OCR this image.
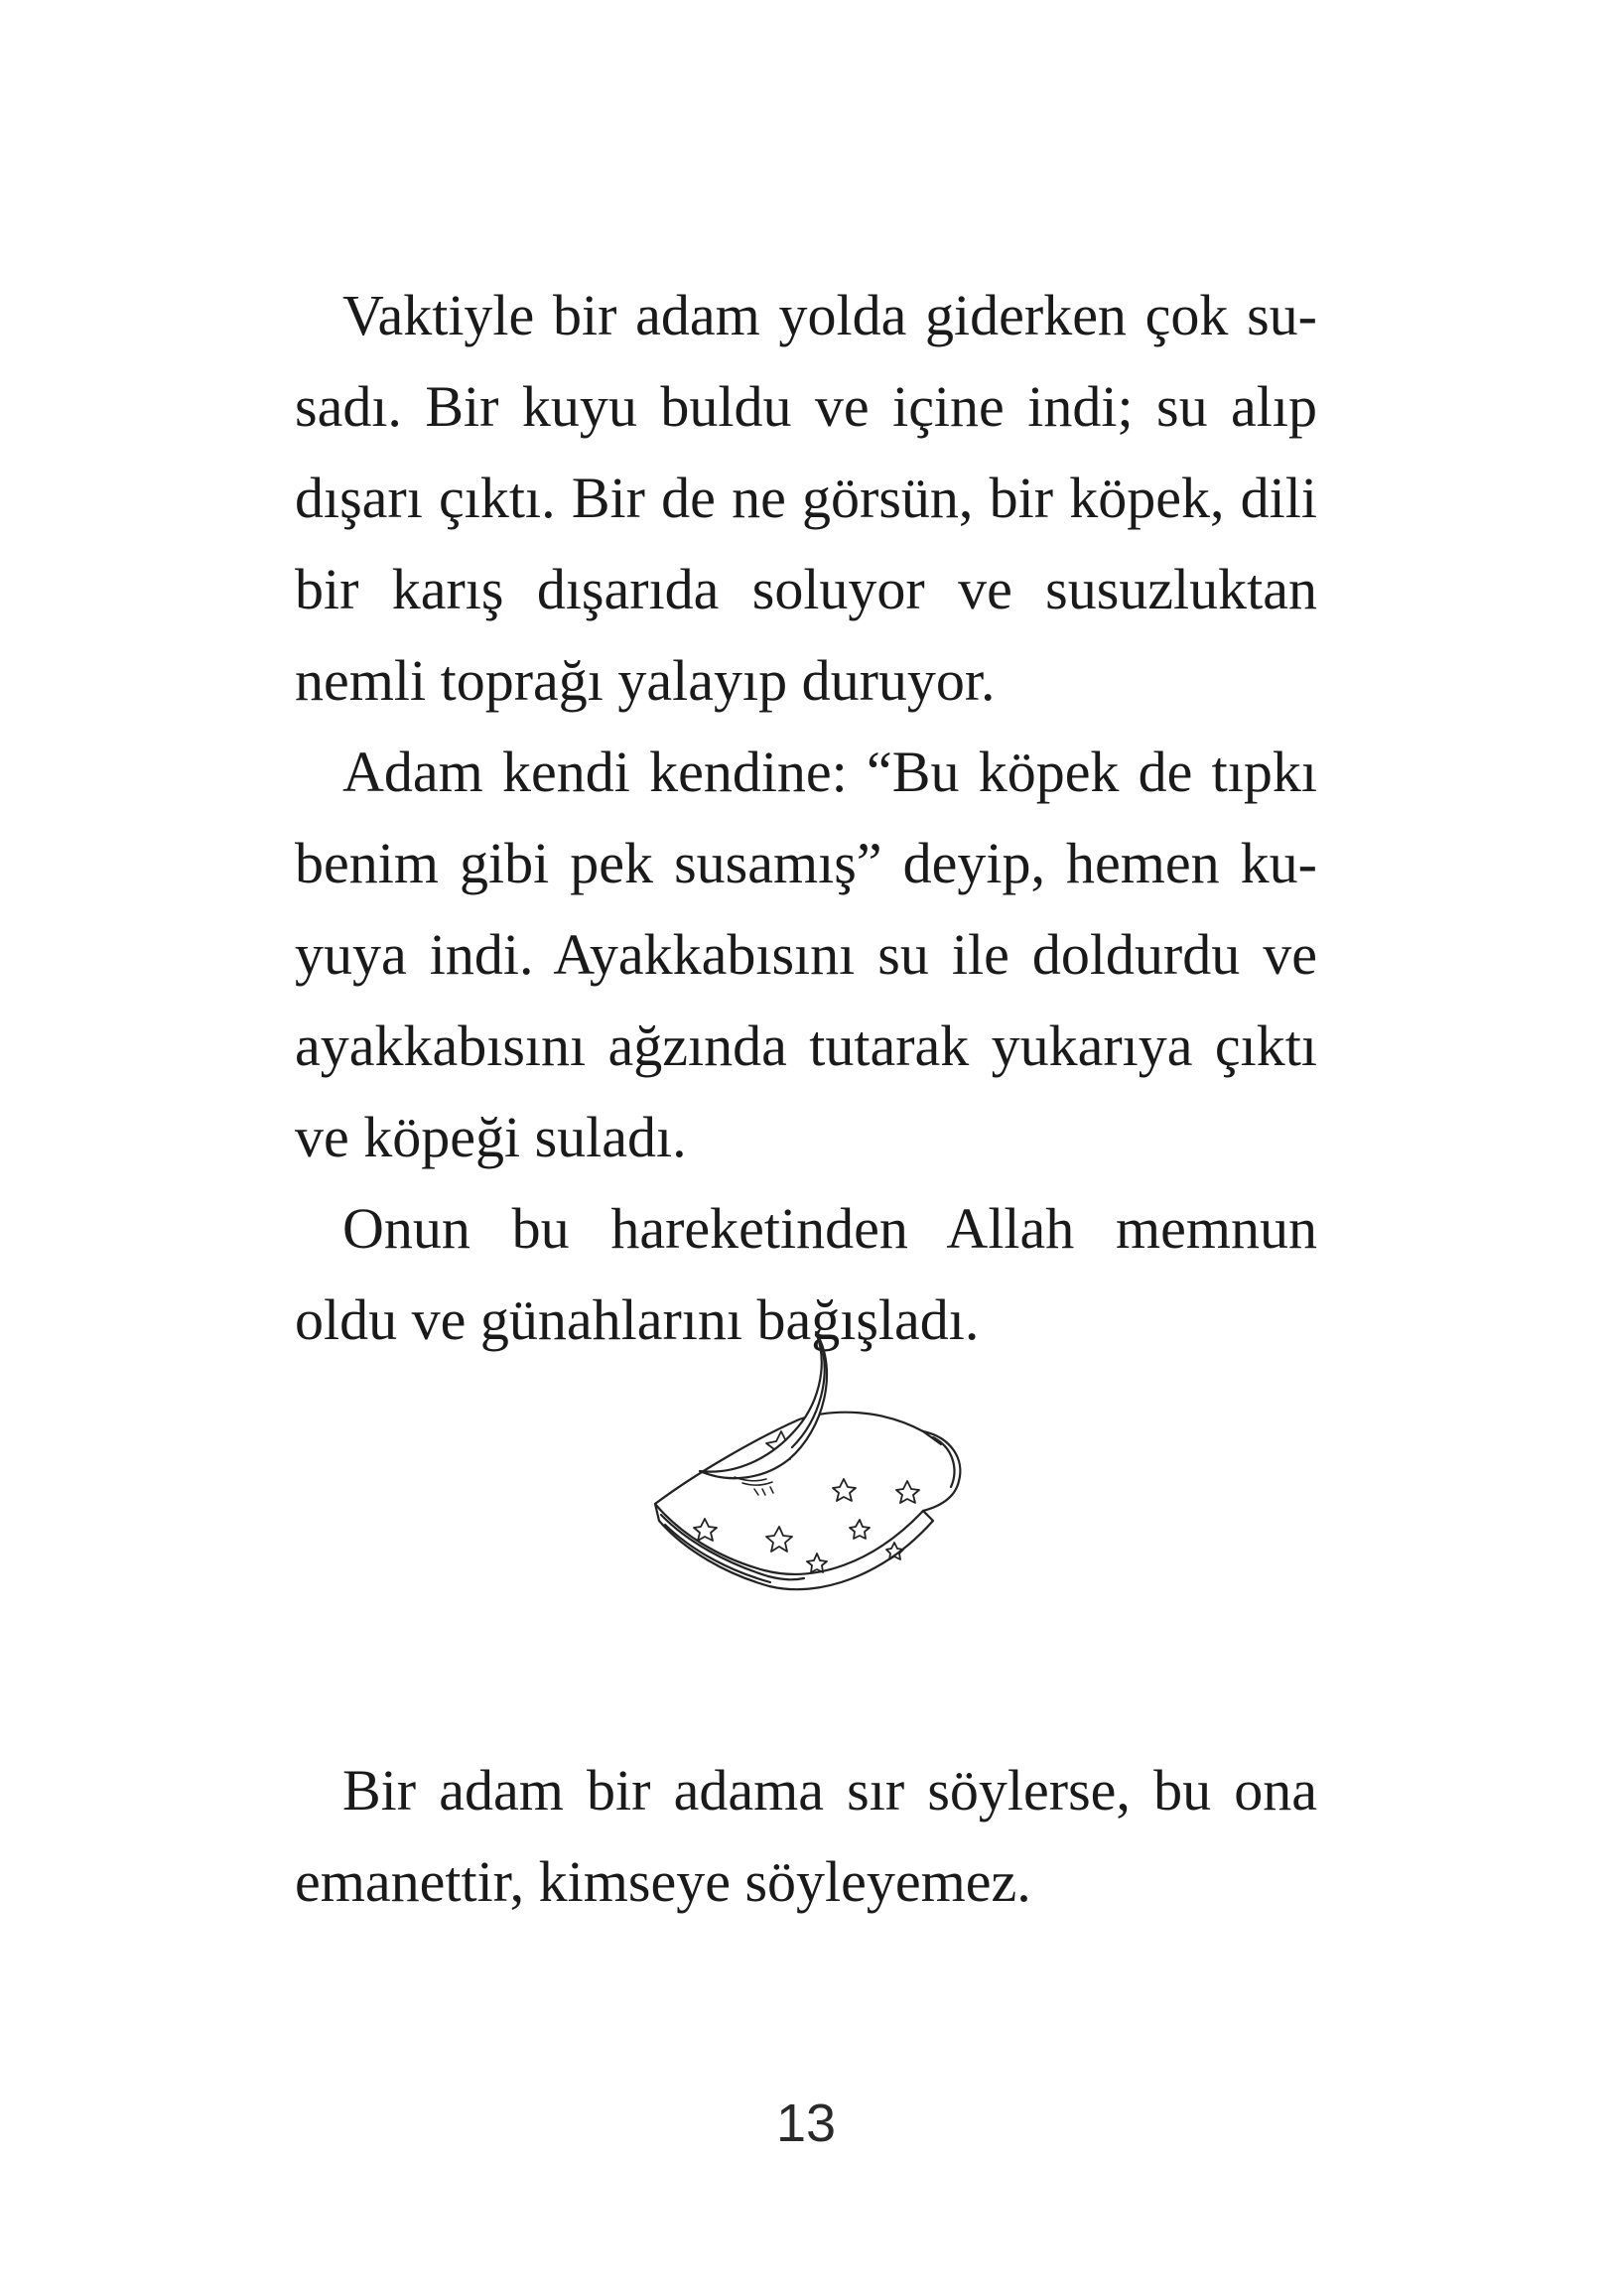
Vaktiyle bir adam yolda giderken çok susadı. Bir kuyu buldu ve içine indi; su alıp dışarı çıktı. Bir de ne görsün, bir köpek, dili bir karış dışarıda soluyor ve susuzluktan nemli toprağı yalayıp duruyor.

Adam kendi kendine: “Bu köpek de tıpkı benim gibi pek susamış” deyip, hemen kuyuya indi. Ayakkabısını su ile doldurdu ve ayakkabısını ağzında tutarak yukarıya çıktı ve köpeği suladı.

Onun bu hareketinden Allah memnun oldu ve günahlarını bağışladı.

Bir adam bir adama sır söylerse, bu ona emanettir, kimseye söyleyemez.

13
